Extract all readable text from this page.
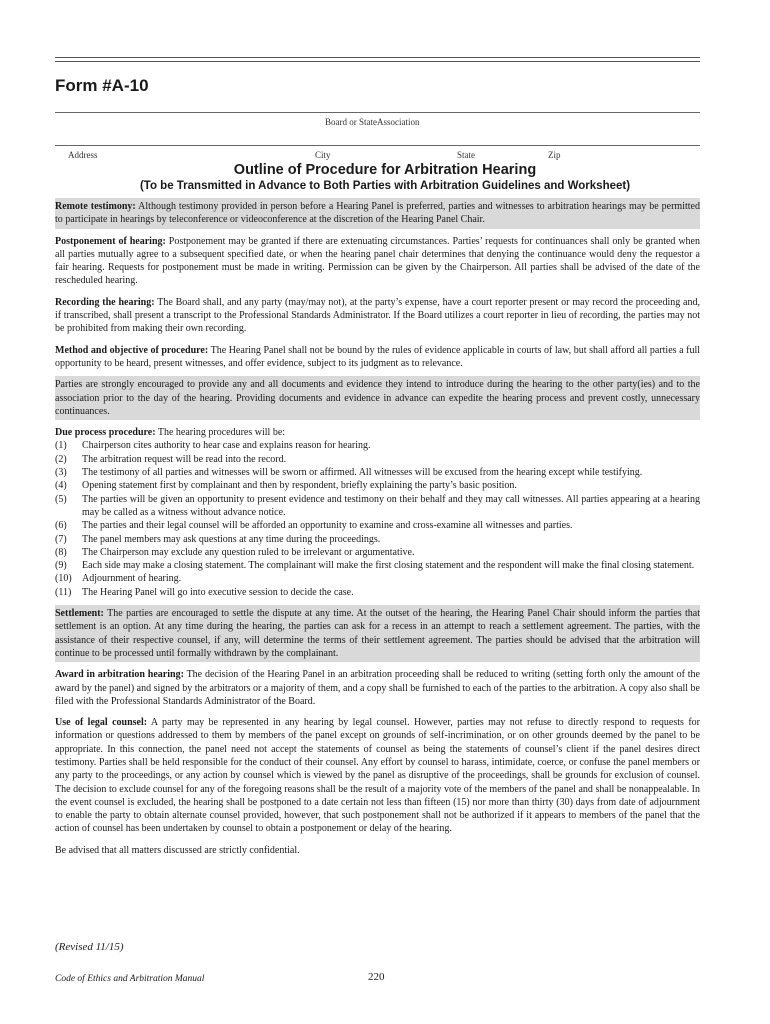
Form #A-10
Board or StateAssociation
Address	City	State	Zip
Outline of Procedure for Arbitration Hearing
(To be Transmitted in Advance to Both Parties with Arbitration Guidelines and Worksheet)
Remote testimony: Although testimony provided in person before a Hearing Panel is preferred, parties and witnesses to arbitration hearings may be permitted to participate in hearings by teleconference or videoconference at the discretion of the Hearing Panel Chair.
Postponement of hearing: Postponement may be granted if there are extenuating circumstances. Parties’ requests for continuances shall only be granted when all parties mutually agree to a subsequent specified date, or when the hearing panel chair determines that denying the continuance would deny the requestor a fair hearing. Requests for postponement must be made in writing. Permission can be given by the Chairperson. All parties shall be advised of the date of the rescheduled hearing.
Recording the hearing: The Board shall, and any party (may/may not), at the party’s expense, have a court reporter present or may record the proceeding and, if transcribed, shall present a transcript to the Professional Standards Administrator. If the Board utilizes a court reporter in lieu of recording, the parties may not be prohibited from making their own recording.
Method and objective of procedure: The Hearing Panel shall not be bound by the rules of evidence applicable in courts of law, but shall afford all parties a full opportunity to be heard, present witnesses, and offer evidence, subject to its judgment as to relevance.
Parties are strongly encouraged to provide any and all documents and evidence they intend to introduce during the hearing to the other party(ies) and to the association prior to the day of the hearing. Providing documents and evidence in advance can expedite the hearing process and prevent costly, unnecessary continuances.
Due process procedure: The hearing procedures will be:
(1)	Chairperson cites authority to hear case and explains reason for hearing.
(2)	The arbitration request will be read into the record.
(3)	The testimony of all parties and witnesses will be sworn or affirmed. All witnesses will be excused from the hearing except while testifying.
(4)	Opening statement first by complainant and then by respondent, briefly explaining the party’s basic position.
(5)	The parties will be given an opportunity to present evidence and testimony on their behalf and they may call witnesses. All parties appearing at a hearing may be called as a witness without advance notice.
(6)	The parties and their legal counsel will be afforded an opportunity to examine and cross-examine all witnesses and parties.
(7)	The panel members may ask questions at any time during the proceedings.
(8)	The Chairperson may exclude any question ruled to be irrelevant or argumentative.
(9)	Each side may make a closing statement. The complainant will make the first closing statement and the respondent will make the final closing statement.
(10)	Adjournment of hearing.
(11)	The Hearing Panel will go into executive session to decide the case.
Settlement: The parties are encouraged to settle the dispute at any time. At the outset of the hearing, the Hearing Panel Chair should inform the parties that settlement is an option. At any time during the hearing, the parties can ask for a recess in an attempt to reach a settlement agreement. The parties, with the assistance of their respective counsel, if any, will determine the terms of their settlement agreement. The parties should be advised that the arbitration will continue to be processed until formally withdrawn by the complainant.
Award in arbitration hearing: The decision of the Hearing Panel in an arbitration proceeding shall be reduced to writing (setting forth only the amount of the award by the panel) and signed by the arbitrators or a majority of them, and a copy shall be furnished to each of the parties to the arbitration. A copy also shall be filed with the Professional Standards Administrator of the Board.
Use of legal counsel: A party may be represented in any hearing by legal counsel. However, parties may not refuse to directly respond to requests for information or questions addressed to them by members of the panel except on grounds of self-incrimination, or on other grounds deemed by the panel to be appropriate. In this connection, the panel need not accept the statements of counsel as being the statements of counsel’s client if the panel desires direct testimony. Parties shall be held responsible for the conduct of their counsel. Any effort by counsel to harass, intimidate, coerce, or confuse the panel members or any party to the proceedings, or any action by counsel which is viewed by the panel as disruptive of the proceedings, shall be grounds for exclusion of counsel. The decision to exclude counsel for any of the foregoing reasons shall be the result of a majority vote of the members of the panel and shall be nonappealable. In the event counsel is excluded, the hearing shall be postponed to a date certain not less than fifteen (15) nor more than thirty (30) days from date of adjournment to enable the party to obtain alternate counsel provided, however, that such postponement shall not be authorized if it appears to members of the panel that the action of counsel has been undertaken by counsel to obtain a postponement or delay of the hearing.
Be advised that all matters discussed are strictly confidential.
(Revised 11/15)
Code of Ethics and Arbitration Manual	220
